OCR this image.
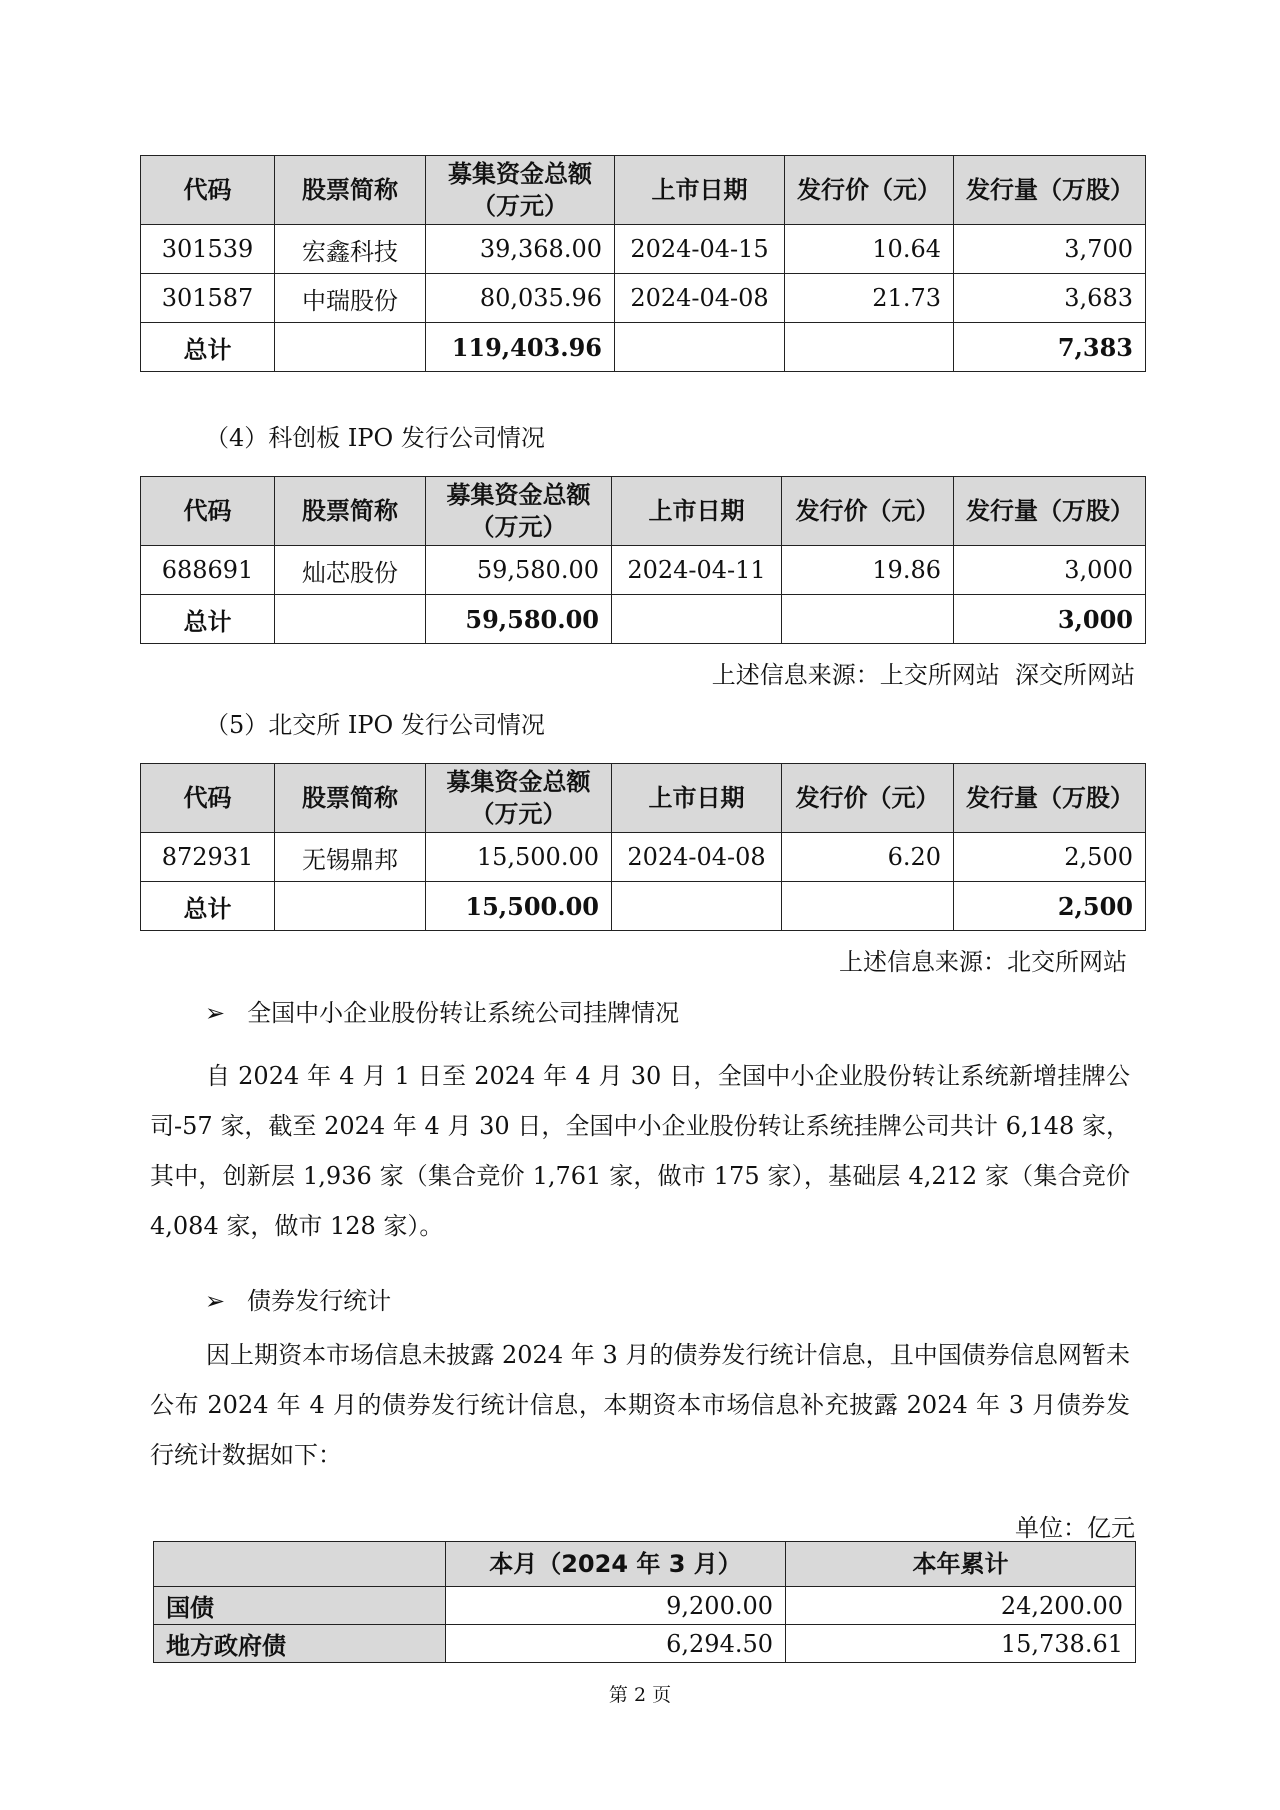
代码	股票简称	募集资金总额（万元）	上市日期	发行价（元）	发行量（万股）
301539	宏鑫科技	39,368.00	2024-04-15	10.64	3,700
301587	中瑞股份	80,035.96	2024-04-08	21.73	3,683
总计		119,403.96			7,383
（4）科创板 IPO 发行公司情况
代码	股票简称	募集资金总额（万元）	上市日期	发行价（元）	发行量（万股）
688691	灿芯股份	59,580.00	2024-04-11	19.86	3,000
总计		59,580.00			3,000
上述信息来源：上交所网站  深交所网站
（5）北交所 IPO 发行公司情况
代码	股票简称	募集资金总额（万元）	上市日期	发行价（元）	发行量（万股）
872931	无锡鼎邦	15,500.00	2024-04-08	6.20	2,500
总计		15,500.00			2,500
上述信息来源：北交所网站
➢ 全国中小企业股份转让系统公司挂牌情况
自 2024 年 4 月 1 日至 2024 年 4 月 30 日，全国中小企业股份转让系统新增挂牌公司-57 家，截至 2024 年 4 月 30 日，全国中小企业股份转让系统挂牌公司共计 6,148 家，其中，创新层 1,936 家（集合竞价 1,761 家，做市 175 家），基础层 4,212 家（集合竞价 4,084 家，做市 128 家）。
➢ 债券发行统计
因上期资本市场信息未披露 2024 年 3 月的债券发行统计信息，且中国债券信息网暂未公布 2024 年 4 月的债券发行统计信息，本期资本市场信息补充披露 2024 年 3 月债券发行统计数据如下：
单位：亿元
	本月（2024 年 3 月）	本年累计
国债	9,200.00	24,200.00
地方政府债	6,294.50	15,738.61
第 2 页
